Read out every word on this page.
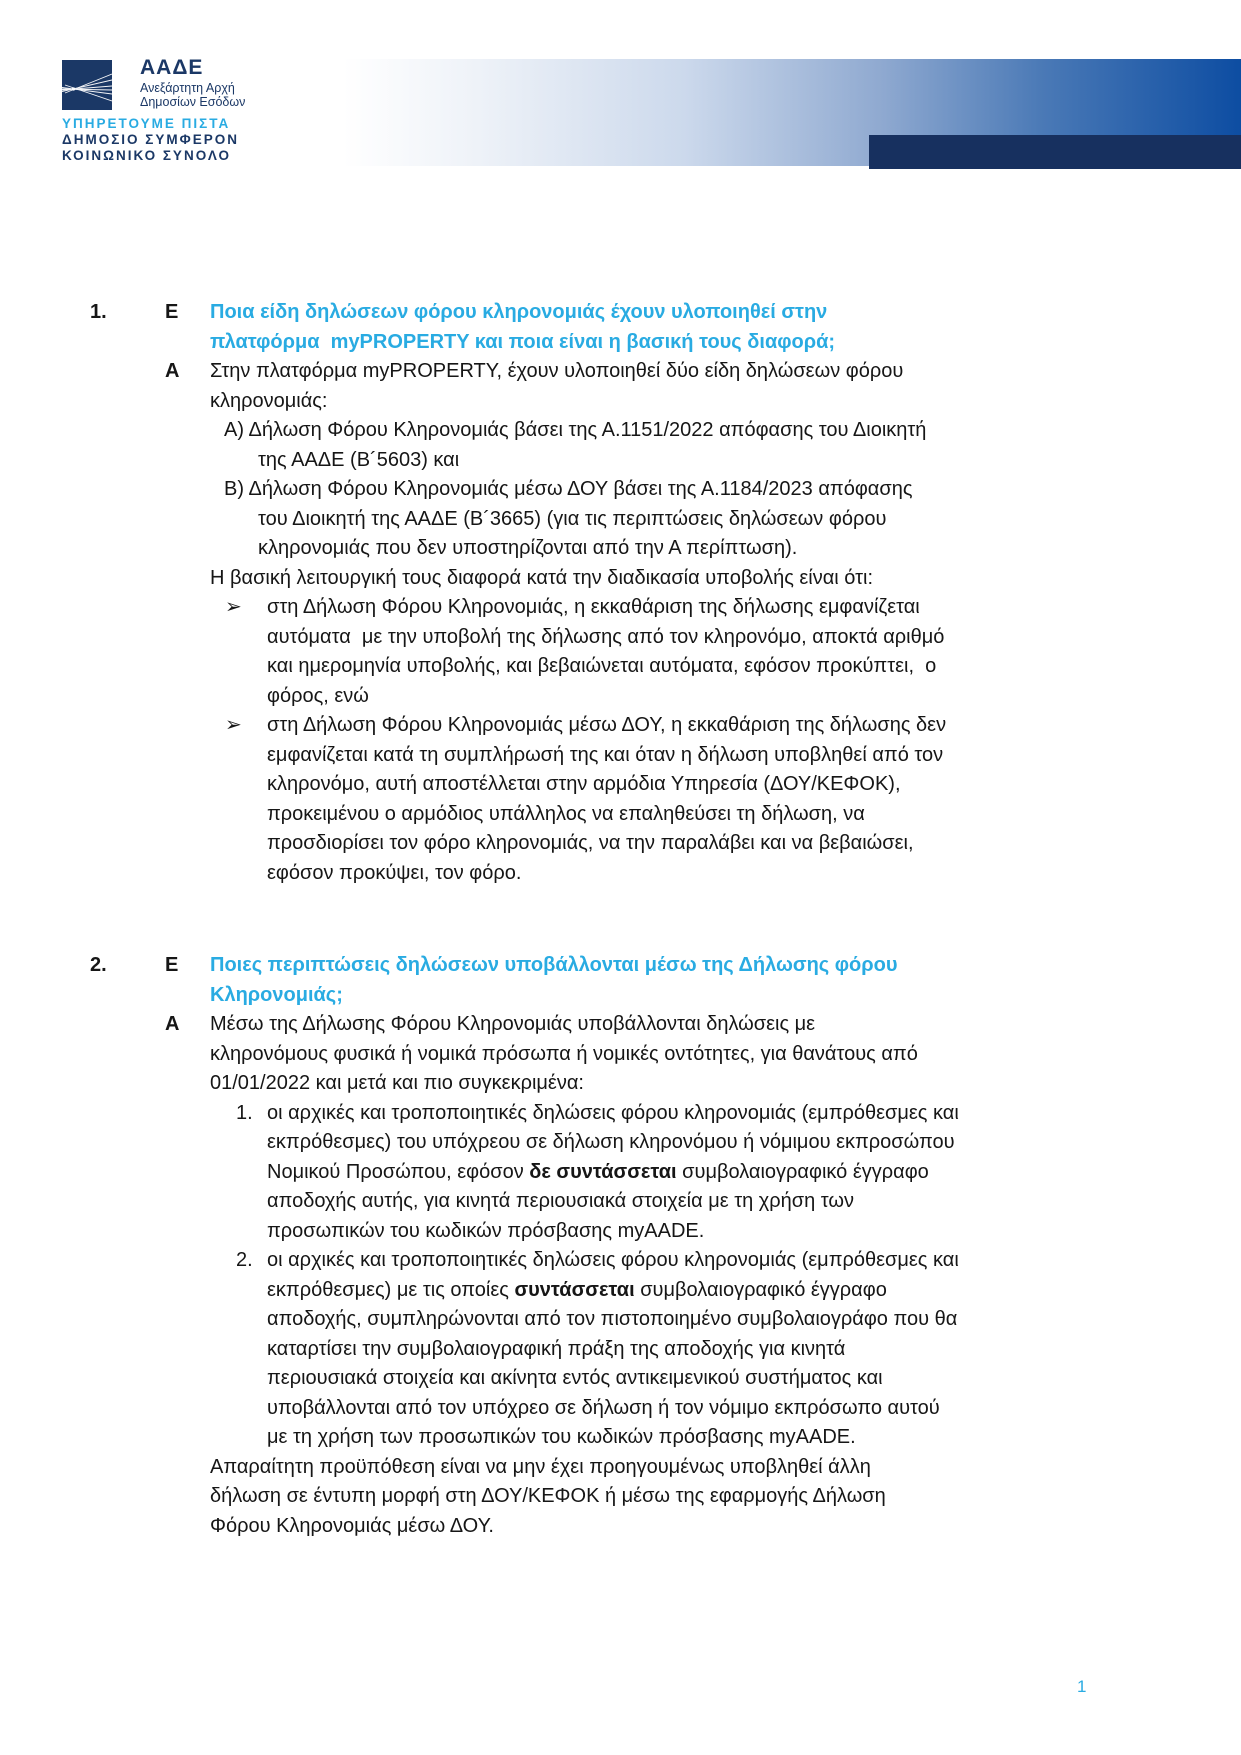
ΑΑΔΕ
Ανεξάρτητη Αρχή
Δημοσίων Εσόδων
ΥΠΗΡΕΤΟΥΜΕ ΠΙΣΤΑ
ΔΗΜΟΣΙΟ ΣΥΜΦΕΡΟΝ
ΚΟΙΝΩΝΙΚΟ ΣΥΝΟΛΟ
1.	Ε
Α
Ποια είδη δηλώσεων φόρου κληρονομιάς έχουν υλοποιηθεί στην
πλατφόρμα  myPROPERTY και ποια είναι η βασική τους διαφορά;
Στην πλατφόρμα myPROPERTY, έχουν υλοποιηθεί δύο είδη δηλώσεων φόρου
κληρονομιάς:
Α) Δήλωση Φόρου Κληρονομιάς βάσει της Α.1151/2022 απόφασης του Διοικητή
της ΑΑΔΕ (Β´5603) και
Β) Δήλωση Φόρου Κληρονομιάς μέσω ΔΟΥ βάσει της Α.1184/2023 απόφασης
του Διοικητή της ΑΑΔΕ (Β´3665) (για τις περιπτώσεις δηλώσεων φόρου
κληρονομιάς που δεν υποστηρίζονται από την Α περίπτωση).
Η βασική λειτουργική τους διαφορά κατά την διαδικασία υποβολής είναι ότι:
➢ στη Δήλωση Φόρου Κληρονομιάς, η εκκαθάριση της δήλωσης εμφανίζεται
αυτόματα  με την υποβολή της δήλωσης από τον κληρονόμο, αποκτά αριθμό
και ημερομηνία υποβολής, και βεβαιώνεται αυτόματα, εφόσον προκύπτει,  ο
φόρος, ενώ
➢ στη Δήλωση Φόρου Κληρονομιάς μέσω ΔΟΥ, η εκκαθάριση της δήλωσης δεν
εμφανίζεται κατά τη συμπλήρωσή της και όταν η δήλωση υποβληθεί από τον
κληρονόμο, αυτή αποστέλλεται στην αρμόδια Υπηρεσία (ΔΟΥ/ΚΕΦΟΚ),
προκειμένου ο αρμόδιος υπάλληλος να επαληθεύσει τη δήλωση, να
προσδιορίσει τον φόρο κληρονομιάς, να την παραλάβει και να βεβαιώσει,
εφόσον προκύψει, τον φόρο.
2.	Ε
Α
Ποιες περιπτώσεις δηλώσεων υποβάλλονται μέσω της Δήλωσης φόρου
Κληρονομιάς;
Μέσω της Δήλωσης Φόρου Κληρονομιάς υποβάλλονται δηλώσεις με
κληρονόμους φυσικά ή νομικά πρόσωπα ή νομικές οντότητες, για θανάτους από
01/01/2022 και μετά και πιο συγκεκριμένα:
1. οι αρχικές και τροποποιητικές δηλώσεις φόρου κληρονομιάς (εμπρόθεσμες και
εκπρόθεσμες) του υπόχρεου σε δήλωση κληρονόμου ή νόμιμου εκπροσώπου
Νομικού Προσώπου, εφόσον δε συντάσσεται συμβολαιογραφικό έγγραφο
αποδοχής αυτής, για κινητά περιουσιακά στοιχεία με τη χρήση των
προσωπικών του κωδικών πρόσβασης myAADE.
2. οι αρχικές και τροποποιητικές δηλώσεις φόρου κληρονομιάς (εμπρόθεσμες και
εκπρόθεσμες) με τις οποίες συντάσσεται συμβολαιογραφικό έγγραφο
αποδοχής, συμπληρώνονται από τον πιστοποιημένο συμβολαιογράφο που θα
καταρτίσει την συμβολαιογραφική πράξη της αποδοχής για κινητά
περιουσιακά στοιχεία και ακίνητα εντός αντικειμενικού συστήματος και
υποβάλλονται από τον υπόχρεο σε δήλωση ή τον νόμιμο εκπρόσωπο αυτού
με τη χρήση των προσωπικών του κωδικών πρόσβασης myAADE.
Απαραίτητη προϋπόθεση είναι να μην έχει προηγουμένως υποβληθεί άλλη
δήλωση σε έντυπη μορφή στη ΔΟΥ/ΚΕΦΟΚ ή μέσω της εφαρμογής Δήλωση
Φόρου Κληρονομιάς μέσω ΔΟΥ.
1
